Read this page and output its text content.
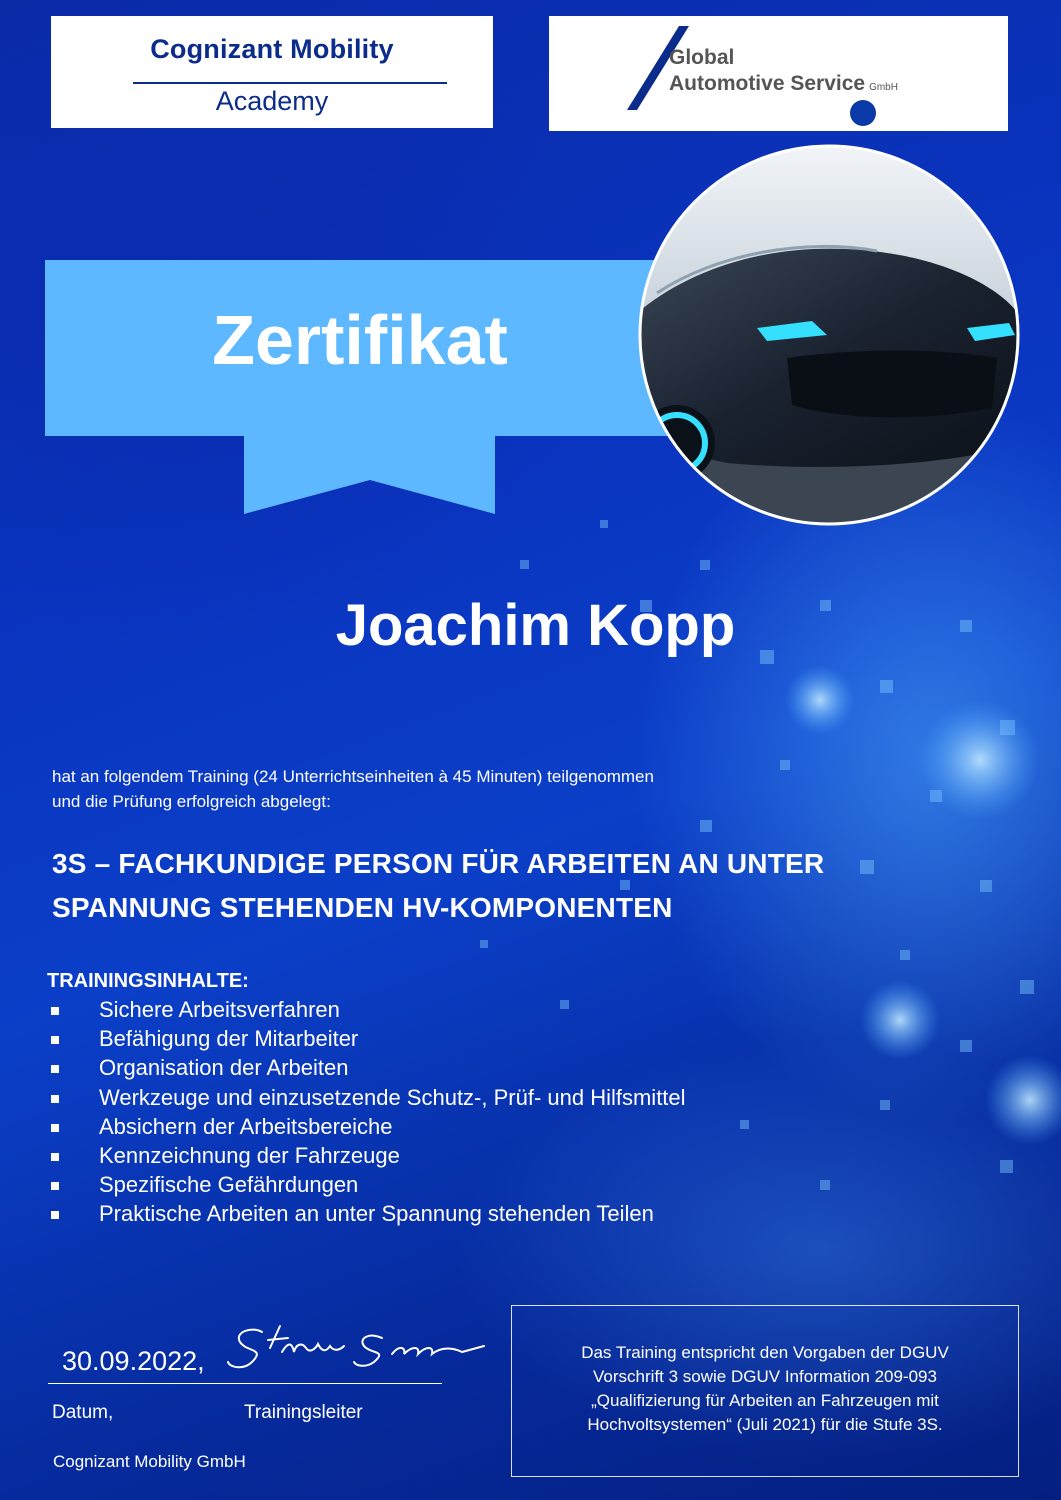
Cognizant Mobility
Academy
Global
Automotive Service GmbH
Zertifikat
Joachim Kopp
hat an folgendem Training (24 Unterrichtseinheiten à 45 Minuten) teilgenommen
und die Prüfung erfolgreich abgelegt:
3S – FACHKUNDIGE PERSON FÜR ARBEITEN AN UNTER
SPANNUNG STEHENDEN HV-KOMPONENTEN
TRAININGSINHALTE:
Sichere Arbeitsverfahren
Befähigung der Mitarbeiter
Organisation der Arbeiten
Werkzeuge und einzusetzende Schutz-, Prüf- und Hilfsmittel
Absichern der Arbeitsbereiche
Kennzeichnung der Fahrzeuge
Spezifische Gefährdungen
Praktische Arbeiten an unter Spannung stehenden Teilen
30.09.2022,
Datum,	Trainingsleiter
Cognizant Mobility GmbH
Das Training entspricht den Vorgaben der DGUV
Vorschrift 3 sowie DGUV Information 209-093
„Qualifizierung für Arbeiten an Fahrzeugen mit
Hochvoltsystemen“ (Juli 2021) für die Stufe 3S.
